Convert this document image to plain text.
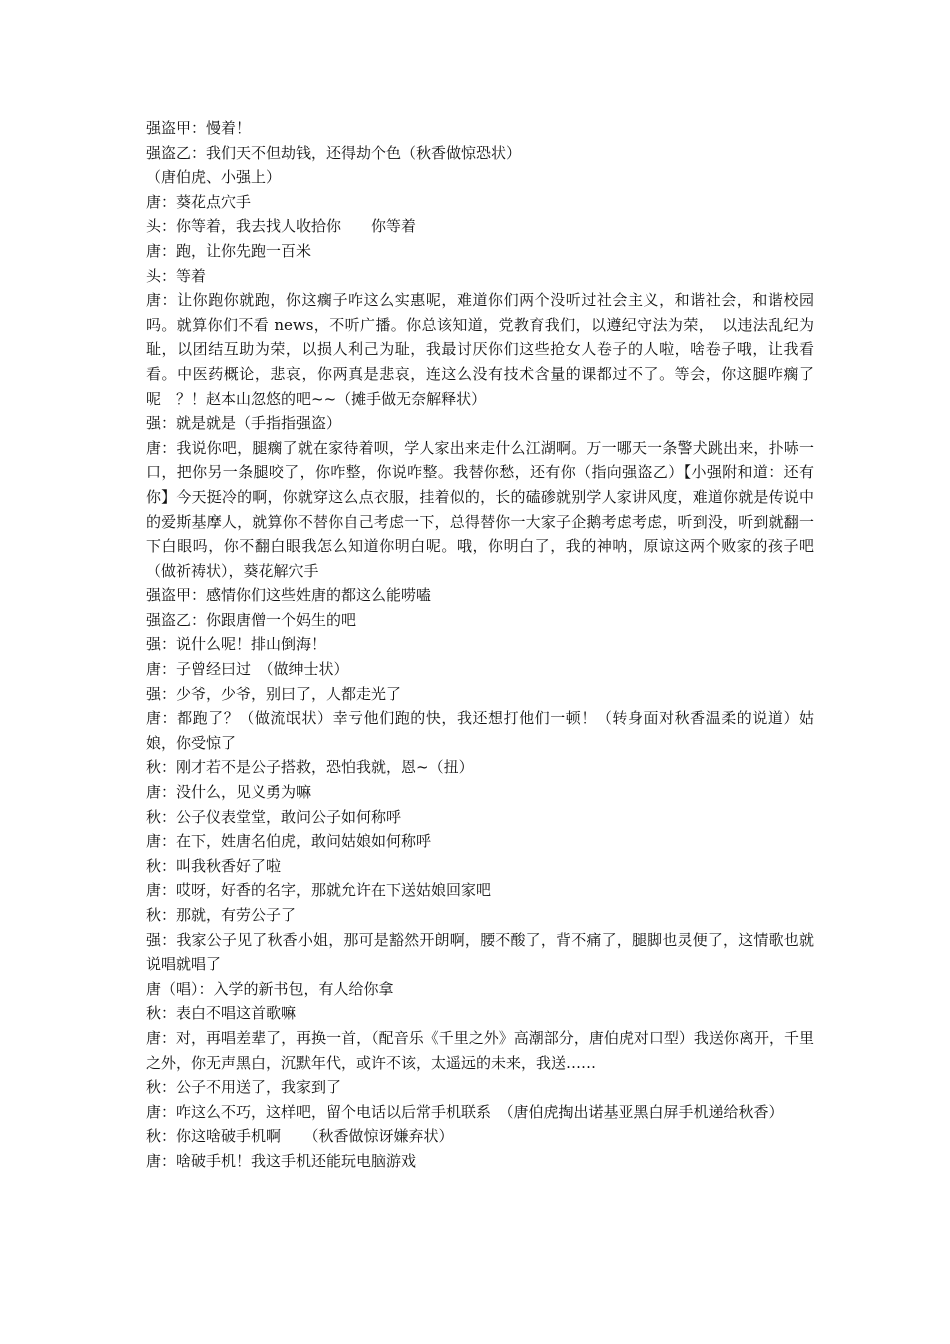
强盗甲：慢着！

强盗乙：我们天不但劫钱，还得劫个色（秋香做惊恐状）

（唐伯虎、小强上）

唐：葵花点穴手

头：你等着，我去找人收拾你　　你等着

唐：跑，让你先跑一百米

头：等着

唐：让你跑你就跑，你这瘸子咋这么实惠呢，难道你们两个没听过社会主义，和谐社会，和谐校园吗。就算你们不看 news，不听广播。你总该知道，党教育我们，以遵纪守法为荣，　以违法乱纪为耻，以团结互助为荣，以损人利己为耻，我最讨厌你们这些抢女人卷子的人啦，啥卷子哦，让我看看。中医药概论，悲哀，你两真是悲哀，连这么没有技术含量的课都过不了。等会，你这腿咋瘸了呢　？！赵本山忽悠的吧~~（摊手做无奈解释状）

强：就是就是（手指指强盗）

唐：我说你吧，腿瘸了就在家待着呗，学人家出来走什么江湖啊。万一哪天一条警犬跳出来，扑哧一口，把你另一条腿咬了，你咋整，你说咋整。我替你愁，还有你（指向强盗乙）【小强附和道：还有你】今天挺冷的啊，你就穿这么点衣服，挂着似的，长的磕碜就别学人家讲风度，难道你就是传说中的爱斯基摩人，就算你不替你自己考虑一下，总得替你一大家子企鹅考虑考虑，听到没，听到就翻一下白眼吗，你不翻白眼我怎么知道你明白呢。哦，你明白了，我的神呐，原谅这两个败家的孩子吧（做祈祷状），葵花解穴手

强盗甲：感情你们这些姓唐的都这么能唠嗑

强盗乙：你跟唐僧一个妈生的吧

强：说什么呢！排山倒海！

唐：子曾经曰过　（做绅士状）

强：少爷，少爷，别曰了，人都走光了

唐：都跑了？（做流氓状）幸亏他们跑的快，我还想打他们一顿！（转身面对秋香温柔的说道）姑娘，你受惊了

秋：刚才若不是公子搭救，恐怕我就，恩~（扭）

唐：没什么，见义勇为嘛

秋：公子仪表堂堂，敢问公子如何称呼

唐：在下，姓唐名伯虎，敢问姑娘如何称呼

秋：叫我秋香好了啦

唐：哎呀，好香的名字，那就允许在下送姑娘回家吧

秋：那就，有劳公子了

强：我家公子见了秋香小姐，那可是豁然开朗啊，腰不酸了，背不痛了，腿脚也灵便了，这情歌也就说唱就唱了

唐（唱）：入学的新书包，有人给你拿

秋：表白不唱这首歌嘛

唐：对，再唱差辈了，再换一首，（配音乐《千里之外》高潮部分，唐伯虎对口型）我送你离开，千里之外，你无声黑白，沉默年代，或许不该，太遥远的未来，我送……

秋：公子不用送了，我家到了

唐：咋这么不巧，这样吧，留个电话以后常手机联系　（唐伯虎掏出诺基亚黑白屏手机递给秋香）

秋：你这啥破手机啊　　（秋香做惊讶嫌弃状）

唐：啥破手机！我这手机还能玩电脑游戏
